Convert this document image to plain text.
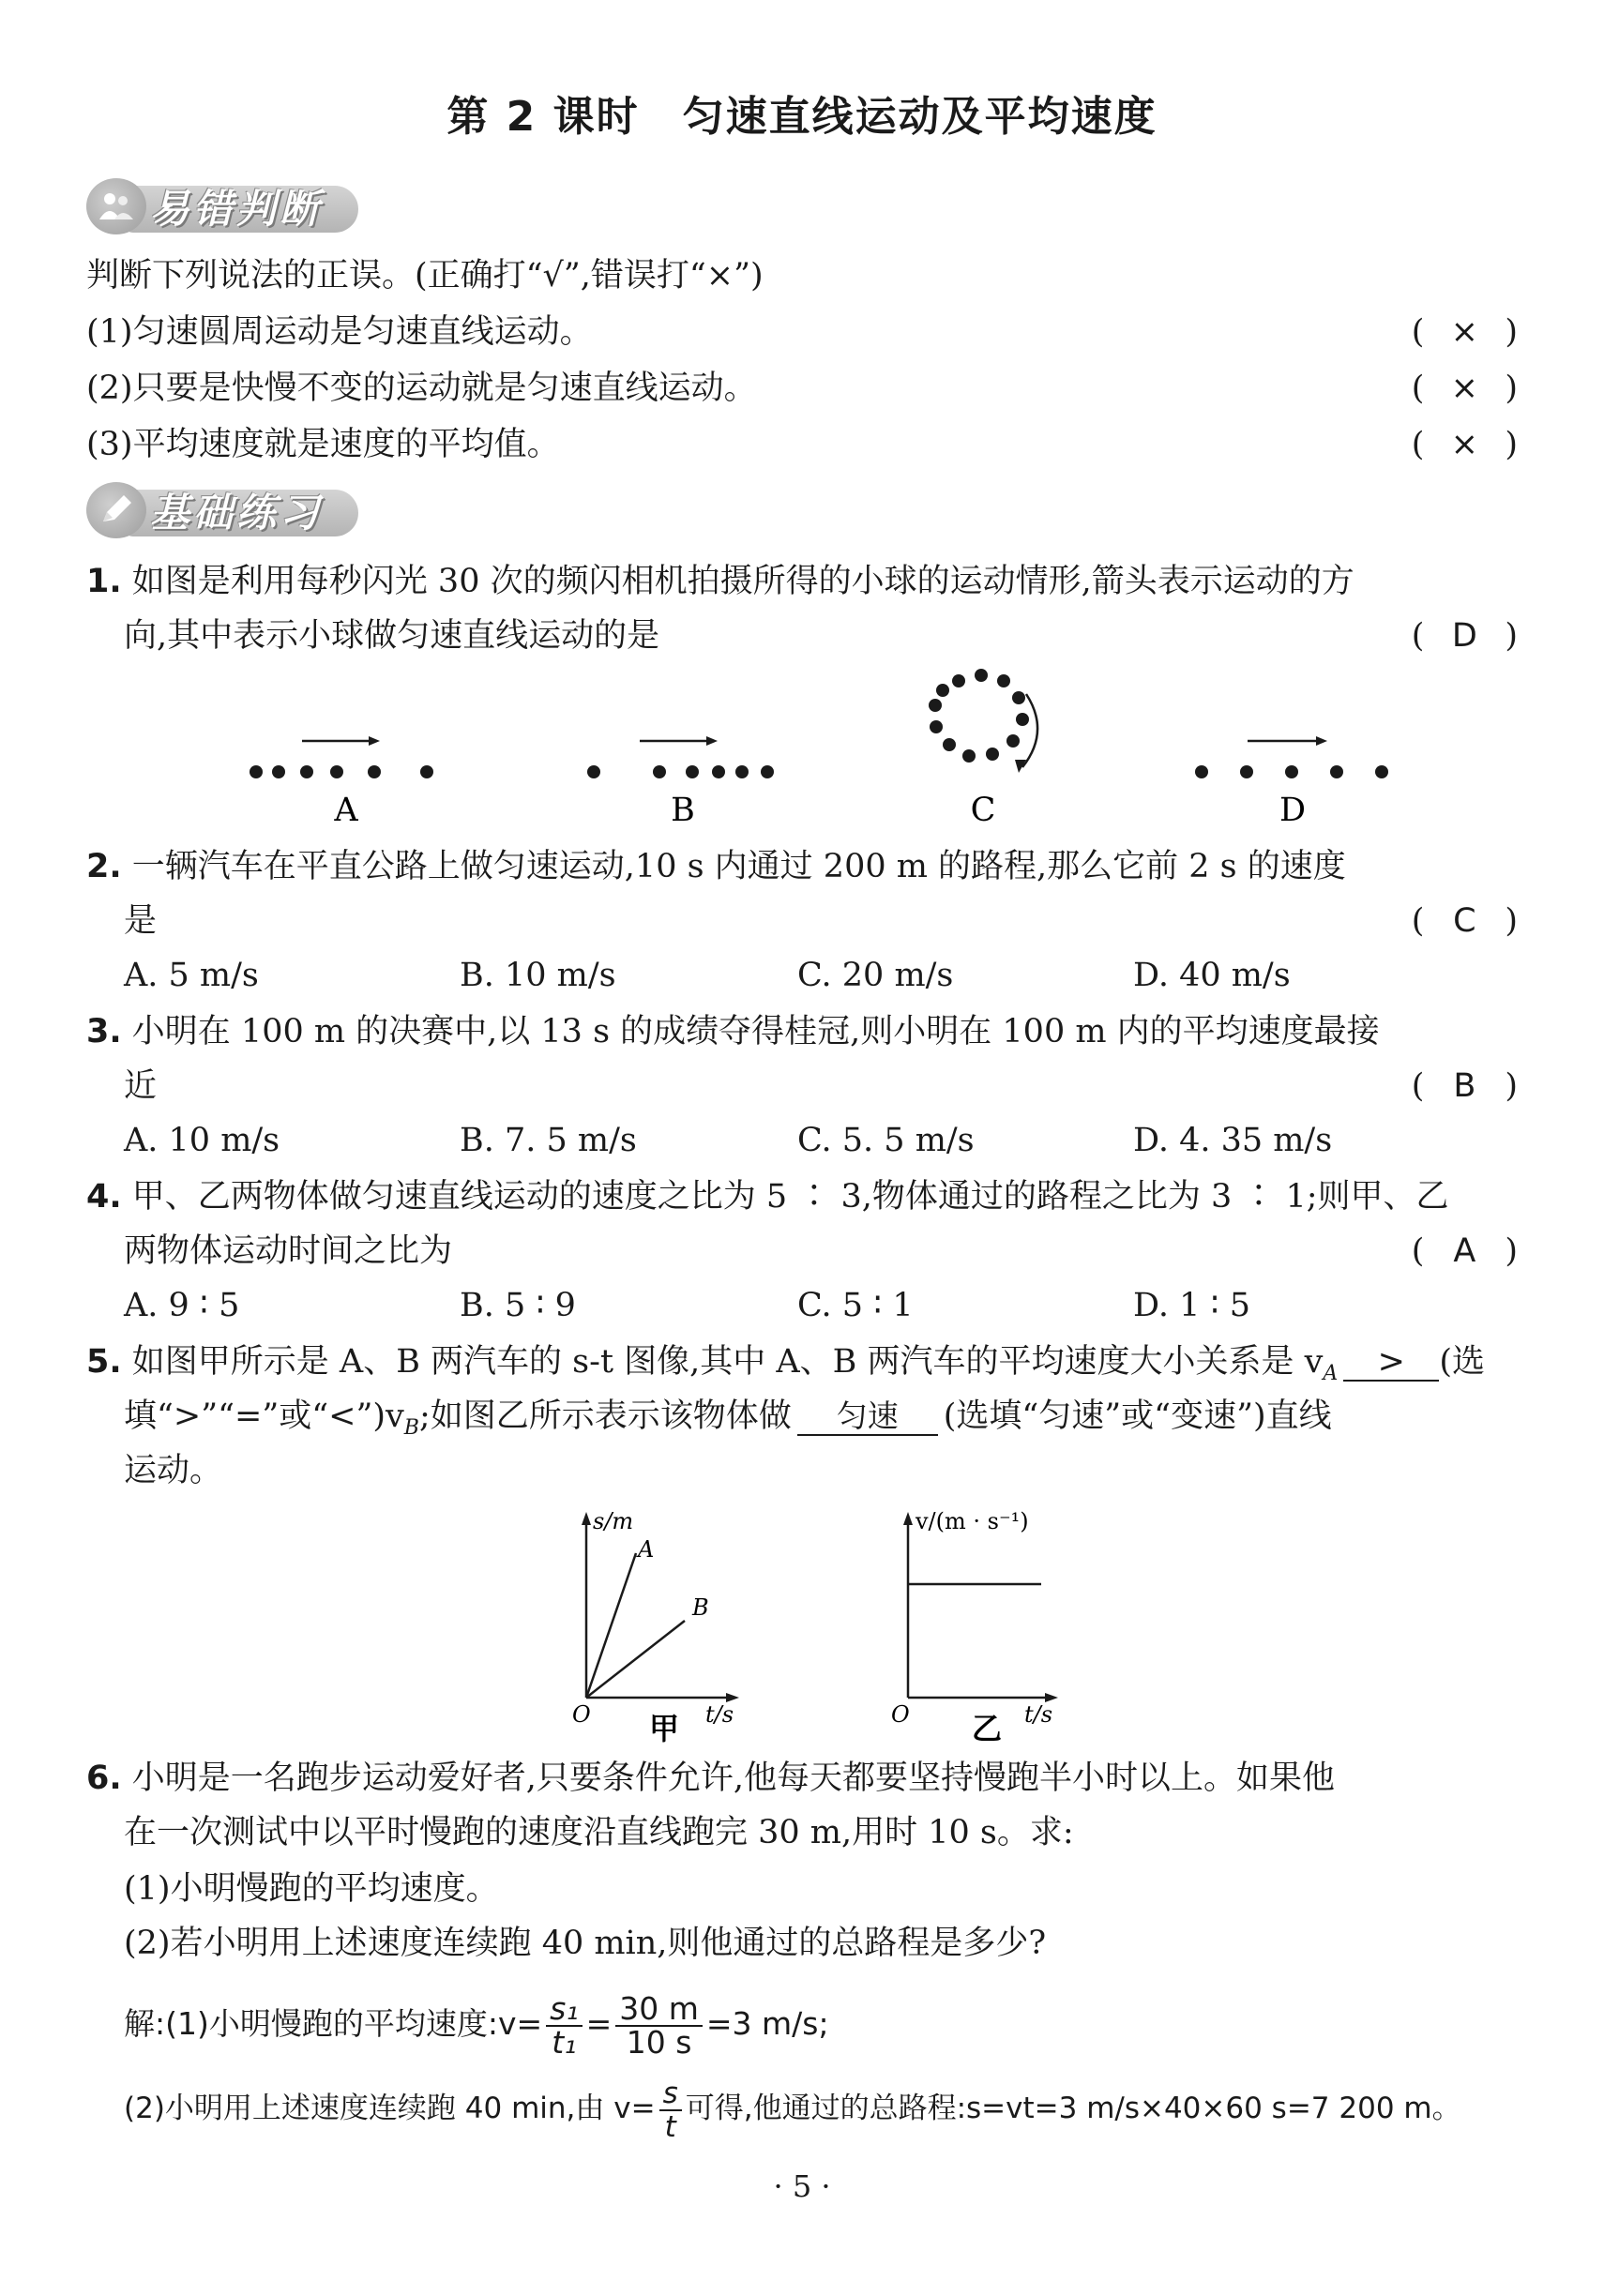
第 2 课时　匀速直线运动及平均速度
易错判断
判断下列说法的正误。(正确打“√”,错误打“×”)
(1)匀速圆周运动是匀速直线运动。	( × )
(2)只要是快慢不变的运动就是匀速直线运动。	( × )
(3)平均速度就是速度的平均值。	( × )
基础练习
1. 如图是利用每秒闪光 30 次的频闪相机拍摄所得的小球的运动情形,箭头表示运动的方
向,其中表示小球做匀速直线运动的是	( D )
A	B	C	D
2. 一辆汽车在平直公路上做匀速运动,10 s 内通过 200 m 的路程,那么它前 2 s 的速度
是	( C )
A. 5 m/s	B. 10 m/s	C. 20 m/s	D. 40 m/s
3. 小明在 100 m 的决赛中,以 13 s 的成绩夺得桂冠,则小明在 100 m 内的平均速度最接
近	( B )
A. 10 m/s	B. 7. 5 m/s	C. 5. 5 m/s	D. 4. 35 m/s
4. 甲、乙两物体做匀速直线运动的速度之比为 5 ∶ 3,物体通过的路程之比为 3 ∶ 1;则甲、乙
两物体运动时间之比为	( A )
A. 9 ∶ 5	B. 5 ∶ 9	C. 5 ∶ 1	D. 1 ∶ 5
5. 如图甲所示是 A、B 两汽车的 s-t 图像,其中 A、B 两汽车的平均速度大小关系是 $v_A$ > (选
填“>”“=”或“$<”)v_B$;如图乙所示表示该物体做 匀速 (选填“匀速”或“变速”)直线
运动。
s/m
A
B
O	t/s
甲
v/(m · s⁻¹)
O	t/s
乙
6. 小明是一名跑步运动爱好者,只要条件允许,他每天都要坚持慢跑半小时以上。如果他
在一次测试中以平时慢跑的速度沿直线跑完 30 m,用时 10 s。求:
(1)小明慢跑的平均速度。
(2)若小明用上述速度连续跑 40 min,则他通过的总路程是多少?
解:(1)小明慢跑的平均速度:v= $\frac{\text{s₁}}{\text{t₁}} = \frac{30 m}{10 s} =3$ m/s;
(2)小明用上述速度连续跑 40 min,由 $v= \frac{s}{t}$ 可得,他通过的总路程:s=vt=3 m/s×40×60 s=7 200 m。
· 5 ·
